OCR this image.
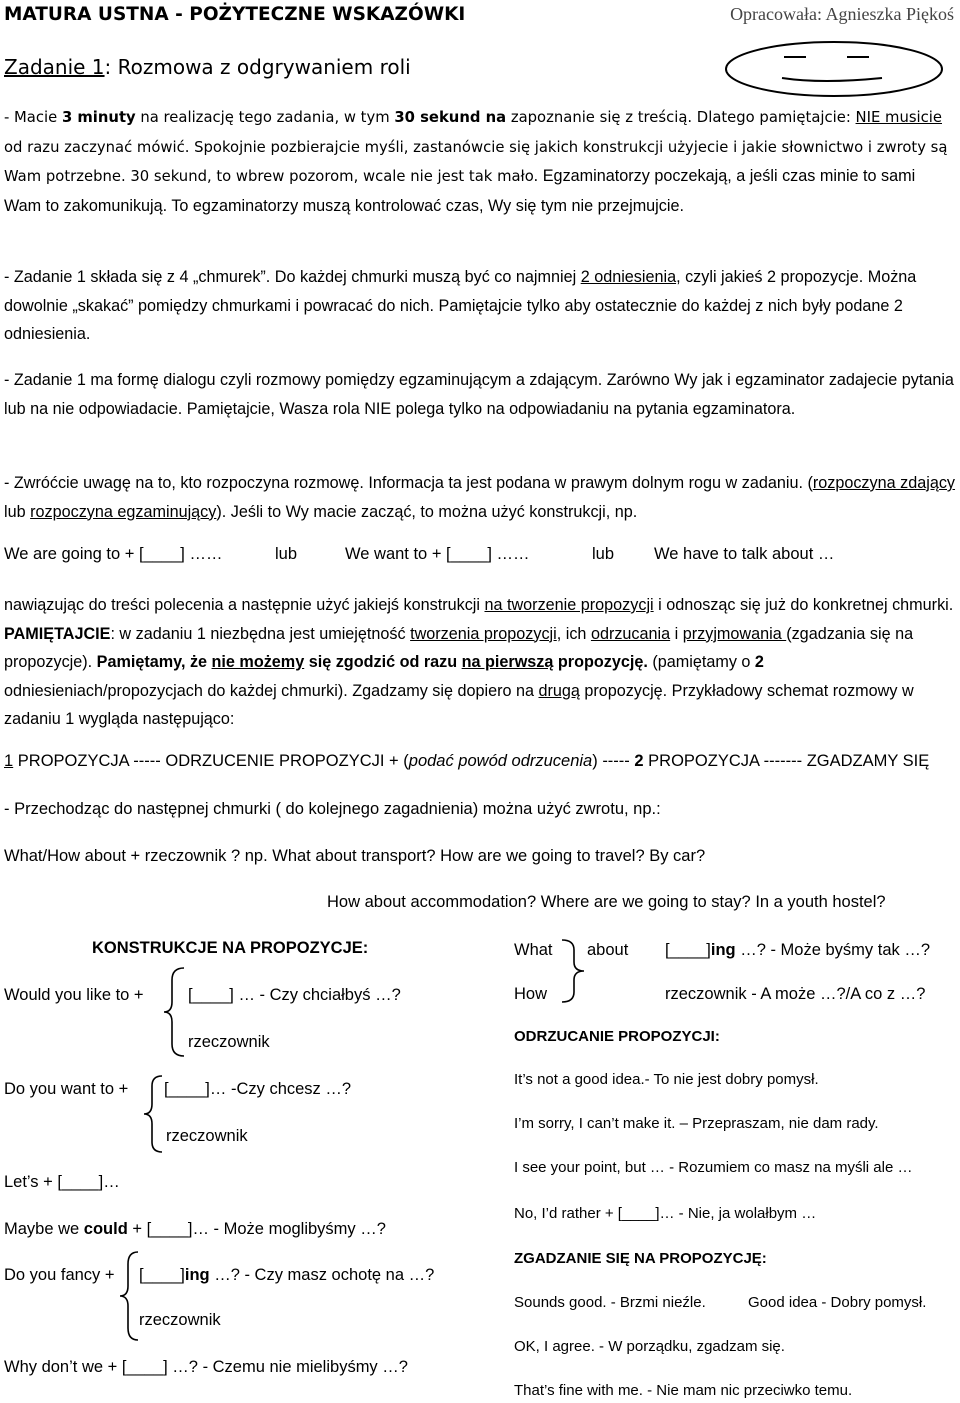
MATURA USTNA - POŻYTECZNE WSKAZÓWKI	Opracowała: Agnieszka Piękoś
Zadanie 1: Rozmowa z odgrywaniem roli
- Macie 3 minuty na realizację tego zadania, w tym 30 sekund na zapoznanie się z treścią. Dlatego pamiętajcie: NIE musicie od razu zaczynać mówić. Spokojnie pozbierajcie myśli, zastanówcie się jakich konstrukcji użyjecie i jakie słownictwo i zwroty są Wam potrzebne. 30 sekund, to wbrew pozorom, wcale nie jest tak mało. Egzaminatorzy poczekają, a jeśli czas minie to sami Wam to zakomunikują. To egzaminatorzy muszą kontrolować czas, Wy się tym nie przejmujcie.
- Zadanie 1 składa się z 4 „chmurek”. Do każdej chmurki muszą być co najmniej 2 odniesienia, czyli jakieś 2 propozycje. Można dowolnie „skakać” pomiędzy chmurkami i powracać do nich. Pamiętajcie tylko aby ostatecznie do każdej z nich były podane 2 odniesienia.
- Zadanie 1 ma formę dialogu czyli rozmowy pomiędzy egzaminującym a zdającym. Zarówno Wy jak i egzaminator zadajecie pytania lub na nie odpowiadacie. Pamiętajcie, Wasza rola NIE polega tylko na odpowiadaniu na pytania egzaminatora.
- Zwróćcie uwagę na to, kto rozpoczyna rozmowę. Informacja ta jest podana w prawym dolnym rogu w zadaniu. (rozpoczyna zdający lub rozpoczyna egzaminujący). Jeśli to Wy macie zacząć, to można użyć konstrukcji, np.
We are going to + [____] ……	lub	We want to + [____] ……	lub We have to talk about …
nawiązując do treści polecenia a następnie użyć jakiejś konstrukcji na tworzenie propozycji i odnosząc się już do konkretnej chmurki. PAMIĘTAJCIE: w zadaniu 1 niezbędna jest umiejętność tworzenia propozycji, ich odrzucania i przyjmowania (zgadzania się na propozycje). Pamiętamy, że nie możemy się zgodzić od razu na pierwszą propozycję. (pamiętamy o 2 odniesieniach/propozycjach do każdej chmurki). Zgadzamy się dopiero na drugą propozycję. Przykładowy schemat rozmowy w zadaniu 1 wygląda następująco:
1 PROPOZYCJA ----- ODRZUCENIE PROPOZYCJI + (podać powód odrzucenia) ----- 2 PROPOZYCJA ------- ZGADZAMY SIĘ
- Przechodząc do następnej chmurki ( do kolejnego zagadnienia) można użyć zwrotu, np.:
What/How about + rzeczownik ? np. What about transport? How are we going to travel? By car?
How about accommodation? Where are we going to stay? In a youth hostel?
KONSTRUKCJE NA PROPOZYCJE:
Would you like to +	[____] … - Czy chciałbyś …?
rzeczownik
Do you want to + [____]… -Czy chcesz …?
rzeczownik
Let’s + [____]…
Maybe we could + [____]… - Może moglibyśmy …?
Do you fancy + [____]ing …? - Czy masz ochotę na …?
rzeczownik
Why don’t we + [____] …? - Czemu nie mielibyśmy …?
What about [____]ing …? - Może byśmy tak …?
How	rzeczownik - A może …?/A co z …?
ODRZUCANIE PROPOZYCJI:
It’s not a good idea.- To nie jest dobry pomysł.
I’m sorry, I can’t make it. – Przepraszam, nie dam rady.
I see your point, but … - Rozumiem co masz na myśli ale …
No, I’d rather + [____]… - Nie, ja wolałbym …
ZGADZANIE SIĘ NA PROPOZYCJĘ:
Sounds good. - Brzmi nieźle.	Good idea - Dobry pomysł.
OK, I agree. - W porządku, zgadzam się.
That’s fine with me. - Nie mam nic przeciwko temu.
